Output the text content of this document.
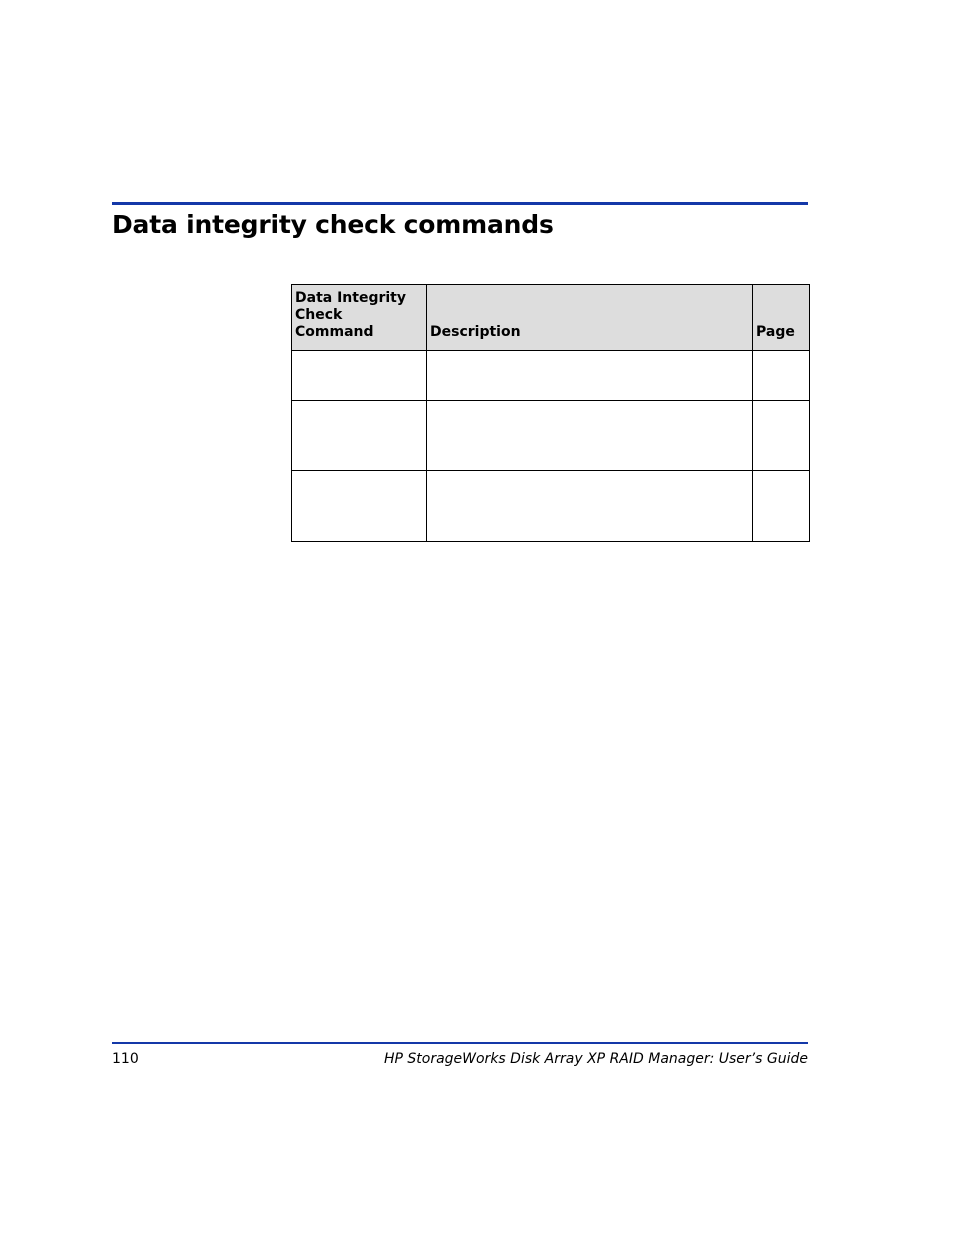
Data integrity check commands
Data Integrity Check Command	Description	Page

110	HP StorageWorks Disk Array XP RAID Manager: User’s Guide
